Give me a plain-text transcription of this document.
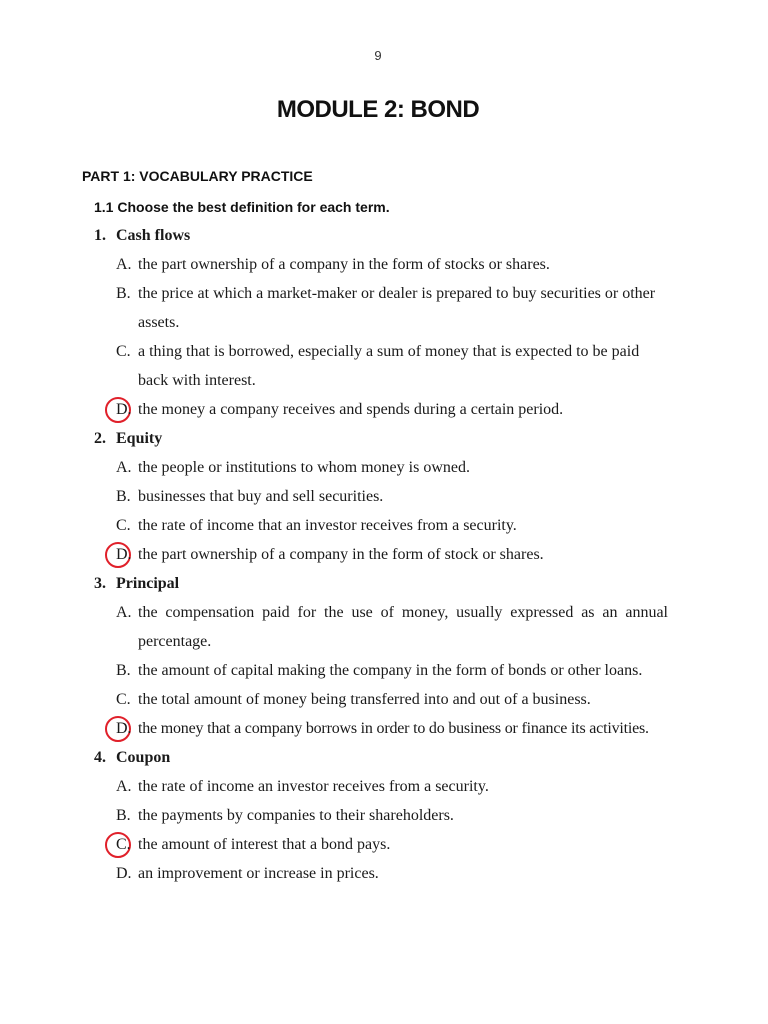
9
MODULE 2: BOND
PART 1: VOCABULARY PRACTICE
1.1 Choose the best definition for each term.
1. Cash flows
A. the part ownership of a company in the form of stocks or shares.
B. the price at which a market-maker or dealer is prepared to buy securities or other assets.
C. a thing that is borrowed, especially a sum of money that is expected to be paid back with interest.
D. the money a company receives and spends during a certain period.
2. Equity
A. the people or institutions to whom money is owned.
B. businesses that buy and sell securities.
C. the rate of income that an investor receives from a security.
D. the part ownership of a company in the form of stock or shares.
3. Principal
A. the compensation paid for the use of money, usually expressed as an annual percentage.
B. the amount of capital making the company in the form of bonds or other loans.
C. the total amount of money being transferred into and out of a business.
D. the money that a company borrows in order to do business or finance its activities.
4. Coupon
A. the rate of income an investor receives from a security.
B. the payments by companies to their shareholders.
C. the amount of interest that a bond pays.
D. an improvement or increase in prices.
